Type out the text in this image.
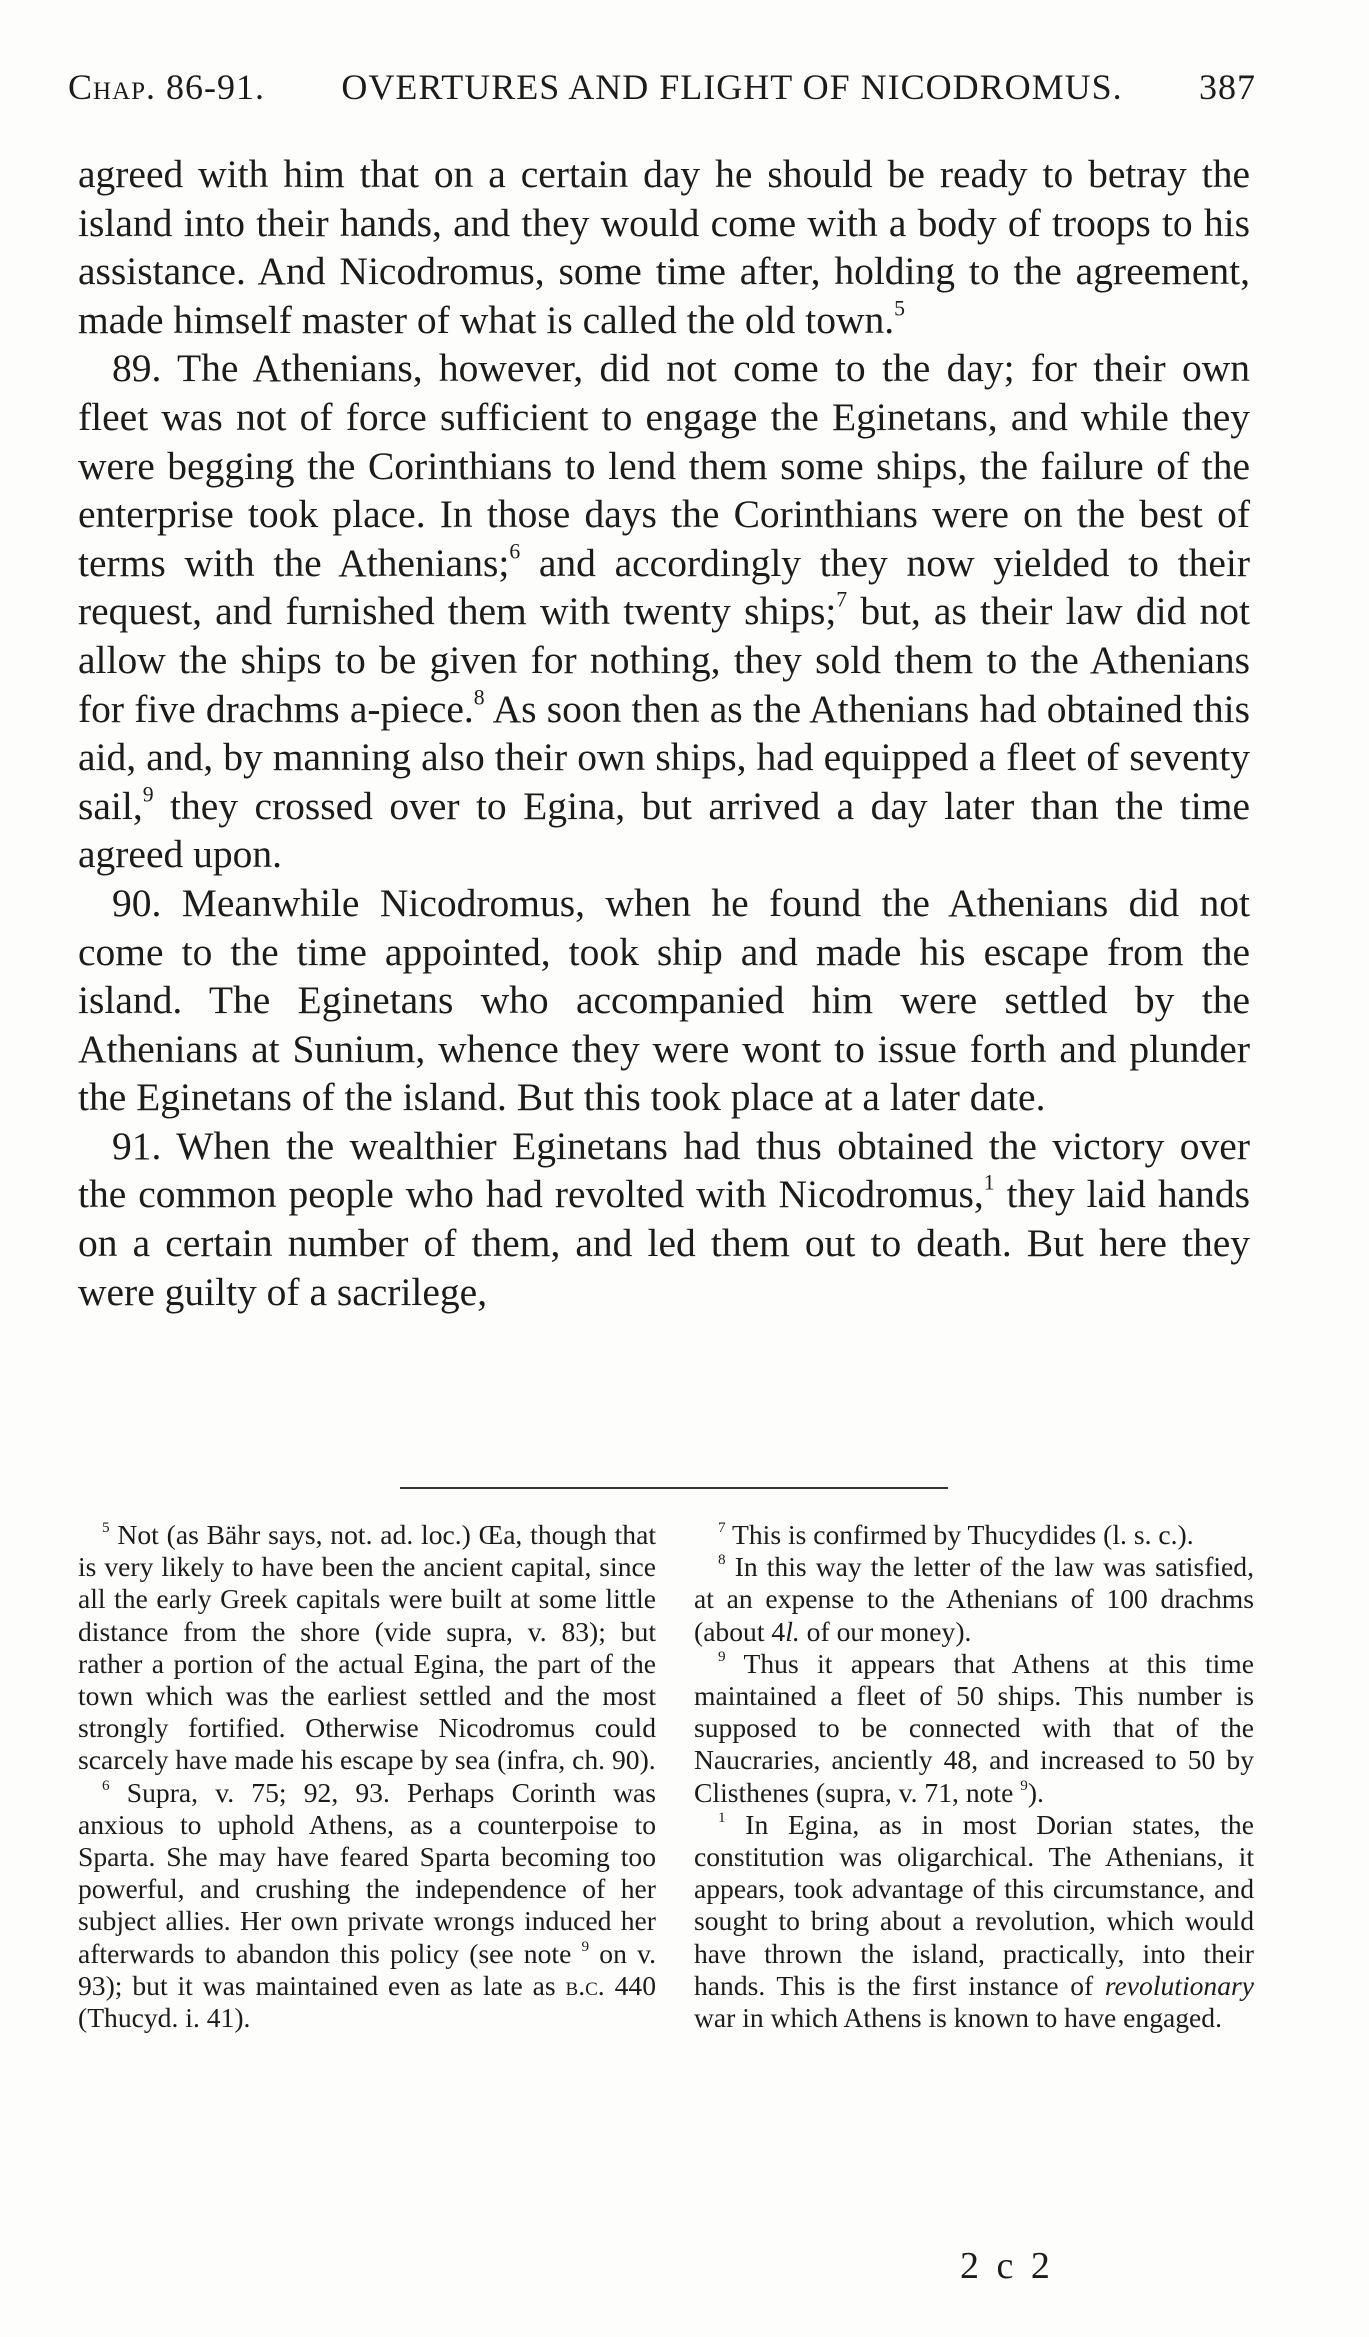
Chap. 86-91. OVERTURES AND FLIGHT OF NICODROMUS. 387

agreed with him that on a certain day he should be ready to betray the island into their hands, and they would come with a body of troops to his assistance. And Nicodromus, some time after, holding to the agreement, made himself master of what is called the old town.$^5$

89. The Athenians, however, did not come to the day; for their own fleet was not of force sufficient to engage the Eginetans, and while they were begging the Corinthians to lend them some ships, the failure of the enterprise took place. In those days the Corinthians were on the best of terms with the Athenians;$^6$ and accordingly they now yielded to their request, and furnished them with twenty ships;$^7$ but, as their law did not allow the ships to be given for nothing, they sold them to the Athenians for five drachms a-piece.$^8$ As soon then as the Athenians had obtained this aid, and, by manning also their own ships, had equipped a fleet of seventy sail,$^9$ they crossed over to Egina, but arrived a day later than the time agreed upon.

90. Meanwhile Nicodromus, when he found the Athenians did not come to the time appointed, took ship and made his escape from the island. The Eginetans who accompanied him were settled by the Athenians at Sunium, whence they were wont to issue forth and plunder the Eginetans of the island. But this took place at a later date.

91. When the wealthier Eginetans had thus obtained the victory over the common people who had revolted with Nicodromus,$^1$ they laid hands on a certain number of them, and led them out to death. But here they were guilty of a sacrilege,

$^5$ Not (as Bähr says, not. ad. loc.) Œa, though that is very likely to have been the ancient capital, since all the early Greek capitals were built at some little distance from the shore (vide supra, v. 83); but rather a portion of the actual Egina, the part of the town which was the earliest settled and the most strongly fortified. Otherwise Nicodromus could scarcely have made his escape by sea (infra, ch. 90).

$^6$ Supra, v. 75; 92, 93. Perhaps Corinth was anxious to uphold Athens, as a counterpoise to Sparta. She may have feared Sparta becoming too powerful, and crushing the independence of her subject allies. Her own private wrongs induced her afterwards to abandon this policy (see note $^9$ on v. 93); but it was maintained even as late as b.c. 440 (Thucyd. i. 41).

$^7$ This is confirmed by Thucydides (l. s. c.).

$^8$ In this way the letter of the law was satisfied, at an expense to the Athenians of 100 drachms (about 4l. of our money).

$^9$ Thus it appears that Athens at this time maintained a fleet of 50 ships. This number is supposed to be connected with that of the Naucraries, anciently 48, and increased to 50 by Clisthenes (supra, v. 71, note $^9$).

$^1$ In Egina, as in most Dorian states, the constitution was oligarchical. The Athenians, it appears, took advantage of this circumstance, and sought to bring about a revolution, which would have thrown the island, practically, into their hands. This is the first instance of revolutionary war in which Athens is known to have engaged.

2 c 2
